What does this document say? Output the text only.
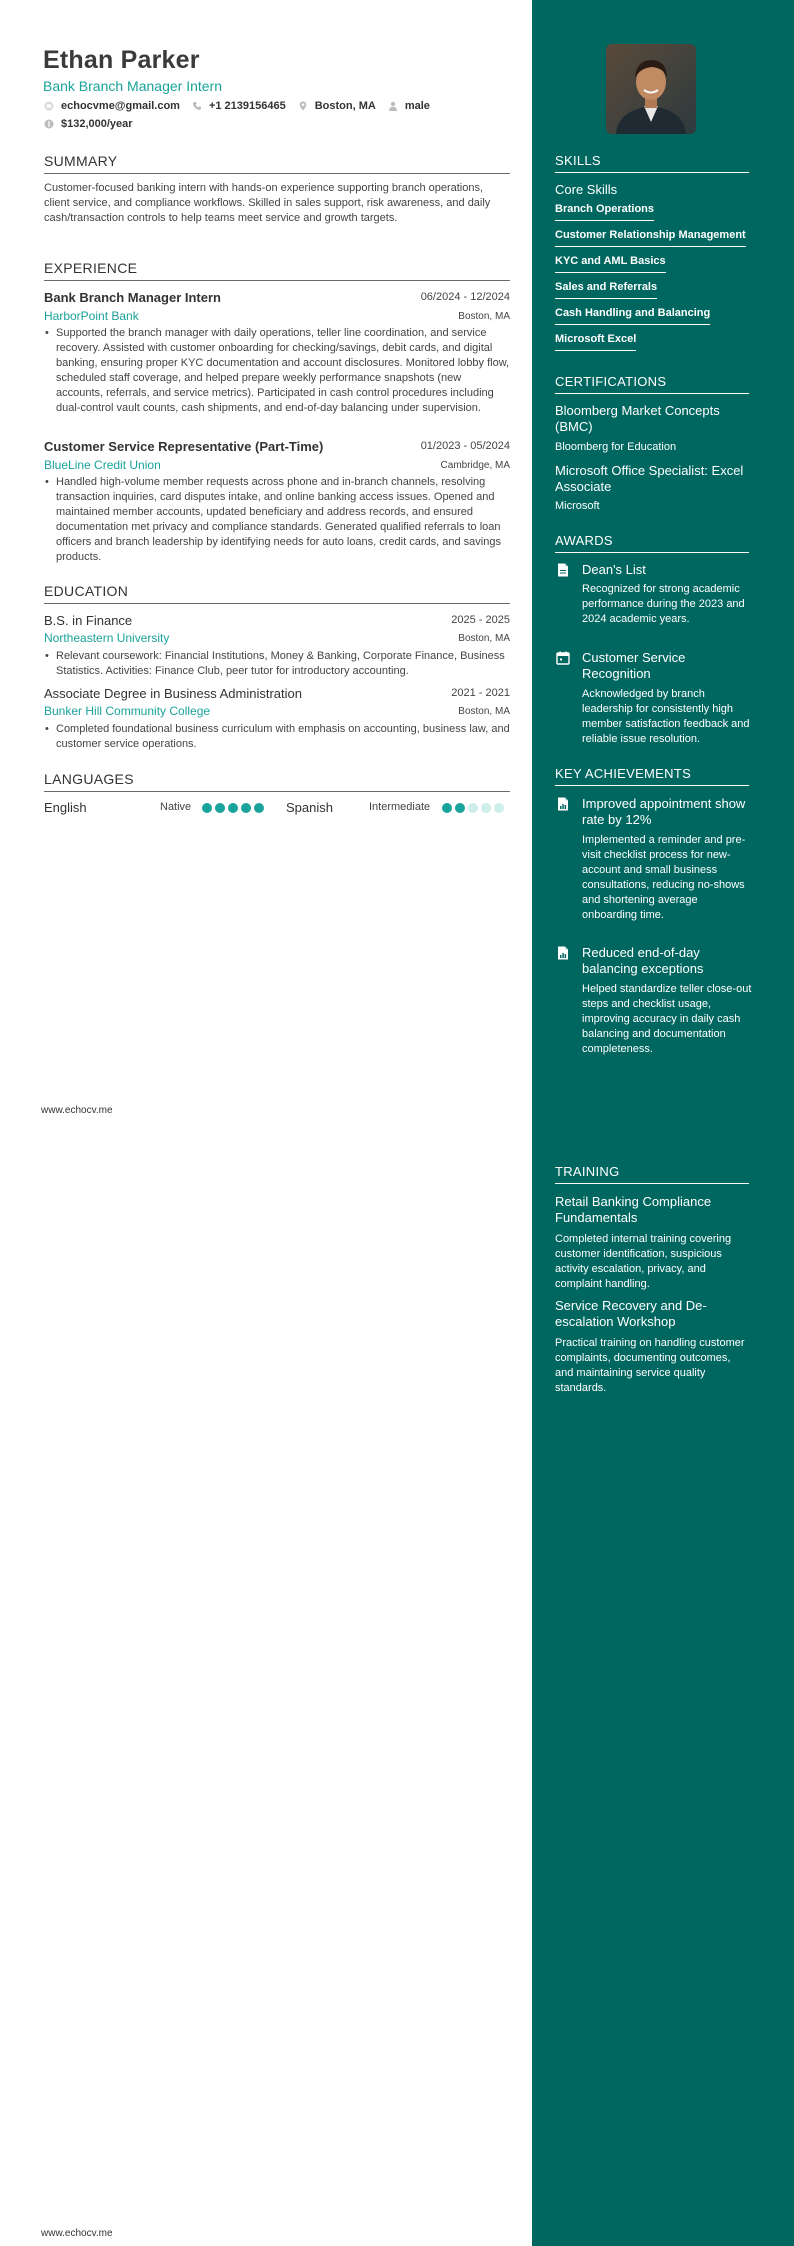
Ethan Parker
Bank Branch Manager Intern
echocvme@gmail.com	+1 2139156465	Boston, MA	male
$132,000/year
SUMMARY
Customer-focused banking intern with hands-on experience supporting branch operations, client service, and compliance workflows. Skilled in sales support, risk awareness, and daily cash/transaction controls to help teams meet service and growth targets.
EXPERIENCE
Bank Branch Manager Intern	06/2024 - 12/2024
HarborPoint Bank	Boston, MA
• Supported the branch manager with daily operations, teller line coordination, and service recovery. Assisted with customer onboarding for checking/savings, debit cards, and digital banking, ensuring proper KYC documentation and account disclosures. Monitored lobby flow, scheduled staff coverage, and helped prepare weekly performance snapshots (new accounts, referrals, and service metrics). Participated in cash control procedures including dual-control vault counts, cash shipments, and end-of-day balancing under supervision.
Customer Service Representative (Part-Time)	01/2023 - 05/2024
BlueLine Credit Union	Cambridge, MA
• Handled high-volume member requests across phone and in-branch channels, resolving transaction inquiries, card disputes intake, and online banking access issues. Opened and maintained member accounts, updated beneficiary and address records, and ensured documentation met privacy and compliance standards. Generated qualified referrals to loan officers and branch leadership by identifying needs for auto loans, credit cards, and savings products.
EDUCATION
B.S. in Finance	2025 - 2025
Northeastern University	Boston, MA
• Relevant coursework: Financial Institutions, Money & Banking, Corporate Finance, Business Statistics. Activities: Finance Club, peer tutor for introductory accounting.
Associate Degree in Business Administration	2021 - 2021
Bunker Hill Community College	Boston, MA
• Completed foundational business curriculum with emphasis on accounting, business law, and customer service operations.
LANGUAGES
English	Native	Spanish	Intermediate
www.echocv.me
www.echocv.me
SKILLS
Core Skills
Branch Operations
Customer Relationship Management
KYC and AML Basics
Sales and Referrals
Cash Handling and Balancing
Microsoft Excel
CERTIFICATIONS
Bloomberg Market Concepts (BMC)
Bloomberg for Education
Microsoft Office Specialist: Excel Associate
Microsoft
AWARDS
Dean's List
Recognized for strong academic performance during the 2023 and 2024 academic years.
Customer Service Recognition
Acknowledged by branch leadership for consistently high member satisfaction feedback and reliable issue resolution.
KEY ACHIEVEMENTS
Improved appointment show rate by 12%
Implemented a reminder and pre-visit checklist process for new-account and small business consultations, reducing no-shows and shortening average onboarding time.
Reduced end-of-day balancing exceptions
Helped standardize teller close-out steps and checklist usage, improving accuracy in daily cash balancing and documentation completeness.
TRAINING
Retail Banking Compliance Fundamentals
Completed internal training covering customer identification, suspicious activity escalation, privacy, and complaint handling.
Service Recovery and De-escalation Workshop
Practical training on handling customer complaints, documenting outcomes, and maintaining service quality standards.
